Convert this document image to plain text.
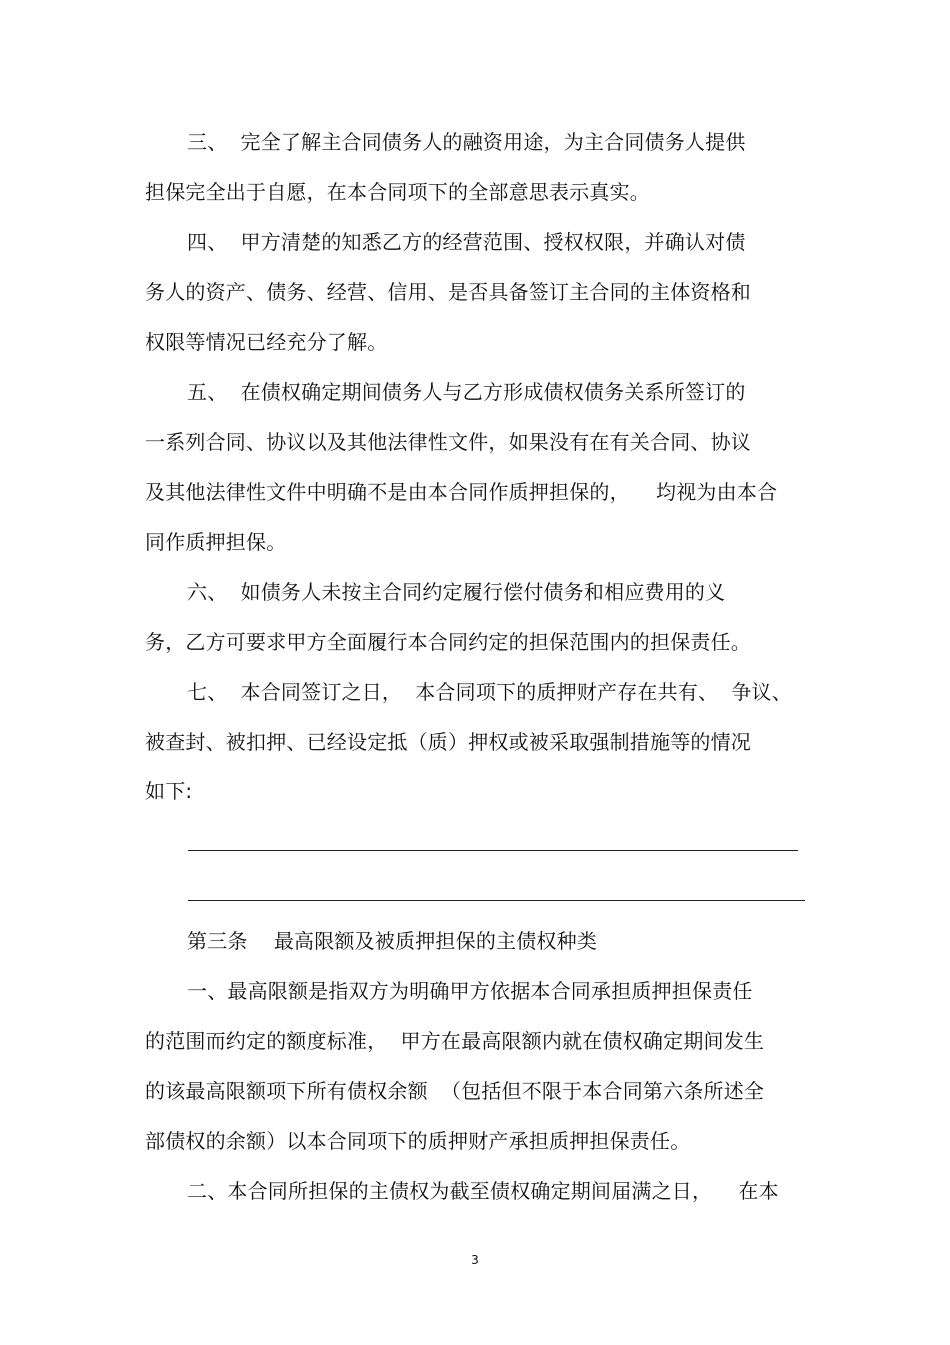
三、  完全了解主合同债务人的融资用途，为主合同债务人提供
担保完全出于自愿，在本合同项下的全部意思表示真实。
四、  甲方清楚的知悉乙方的经营范围、授权权限，并确认对债
务人的资产、债务、经营、信用、是否具备签订主合同的主体资格和
权限等情况已经充分了解。
五、  在债权确定期间债务人与乙方形成债权债务关系所签订的
一系列合同、协议以及其他法律性文件，如果没有在有关合同、协议
及其他法律性文件中明确不是由本合同作质押担保的，    均视为由本合
同作质押担保。
六、  如债务人未按主合同约定履行偿付债务和相应费用的义
务，乙方可要求甲方全面履行本合同约定的担保范围内的担保责任。
七、  本合同签订之日，  本合同项下的质押财产存在共有、  争议、
被查封、被扣押、已经设定抵（质）押权或被采取强制措施等的情况
如下:
第三条    最高限额及被质押担保的主债权种类
一、最高限额是指双方为明确甲方依据本合同承担质押担保责任
的范围而约定的额度标准，  甲方在最高限额内就在债权确定期间发生
的该最高限额项下所有债权余额  （包括但不限于本合同第六条所述全
部债权的余额）以本合同项下的质押财产承担质押担保责任。
二、本合同所担保的主债权为截至债权确定期间届满之日，    在本
3
